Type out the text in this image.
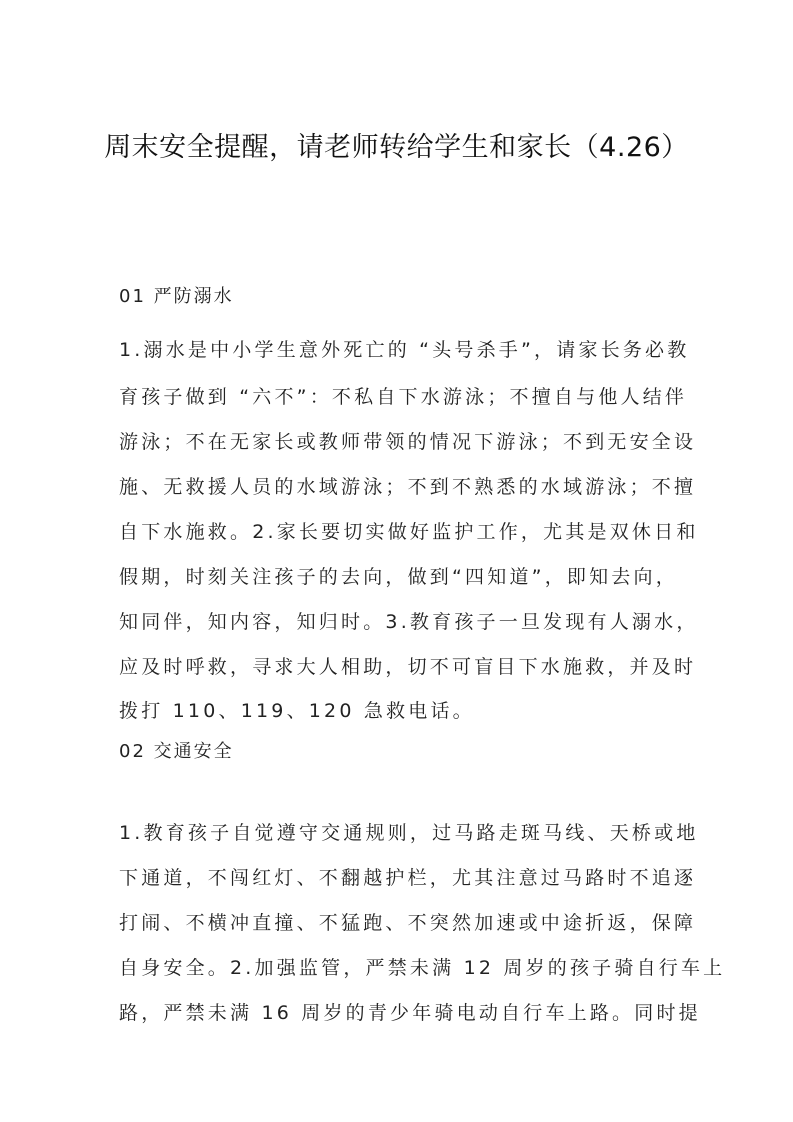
周末安全提醒，请老师转给学生和家长（4.26）
01 严防溺水
1.溺水是中小学生意外死亡的 “头号杀手”，请家长务必教
育孩子做到 “六不”：不私自下水游泳；不擅自与他人结伴
游泳；不在无家长或教师带领的情况下游泳；不到无安全设
施、无救援人员的水域游泳；不到不熟悉的水域游泳；不擅
自下水施救。2.家长要切实做好监护工作，尤其是双休日和
假期，时刻关注孩子的去向，做到“四知道”，即知去向，
知同伴，知内容，知归时。3.教育孩子一旦发现有人溺水，
应及时呼救，寻求大人相助，切不可盲目下水施救，并及时
拨打 110、119、120 急救电话。
02 交通安全
1.教育孩子自觉遵守交通规则，过马路走斑马线、天桥或地
下通道，不闯红灯、不翻越护栏，尤其注意过马路时不追逐
打闹、不横冲直撞、不猛跑、不突然加速或中途折返，保障
自身安全。2.加强监管，严禁未满 12 周岁的孩子骑自行车上
路，严禁未满 16 周岁的青少年骑电动自行车上路。同时提
